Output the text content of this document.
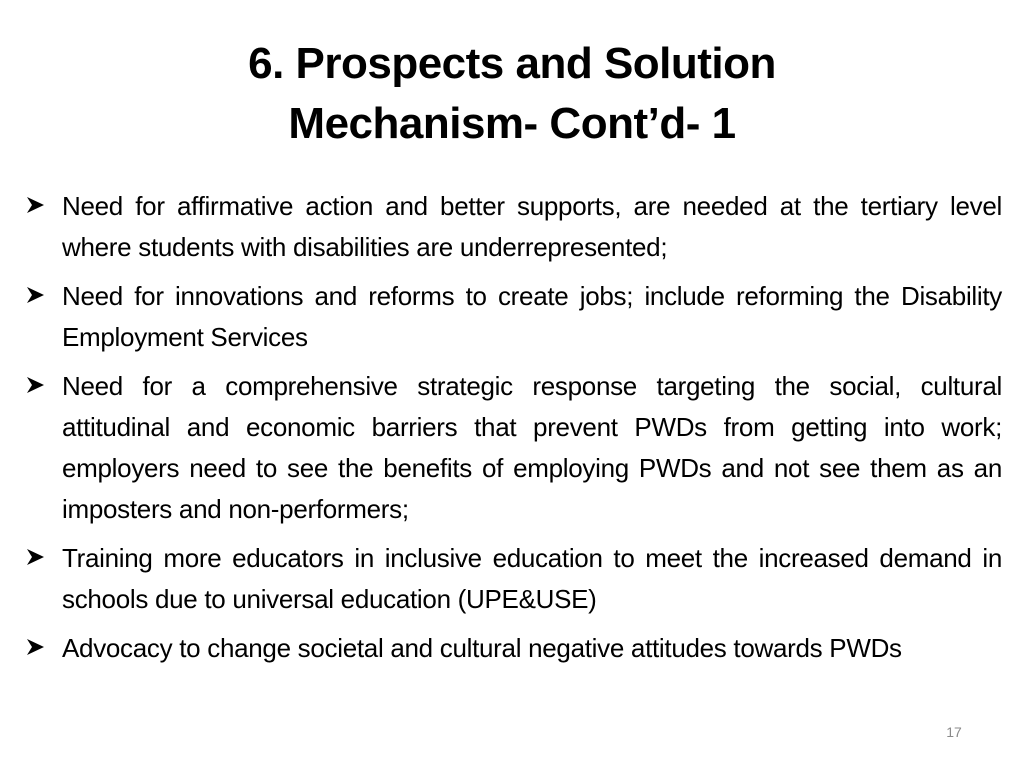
6. Prospects and Solution
Mechanism- Cont’d- 1
Need for affirmative action and better supports, are needed at the tertiary level where students with disabilities are underrepresented;
Need for innovations and reforms to create jobs; include reforming the Disability Employment Services
Need for a comprehensive strategic response targeting the social, cultural attitudinal and economic barriers that prevent PWDs from getting into work; employers need to see the benefits of employing PWDs and not see them as an imposters and non-performers;
Training more educators in inclusive education to meet the increased demand in schools due to universal education (UPE&USE)
Advocacy to change societal and cultural negative attitudes towards PWDs
17
